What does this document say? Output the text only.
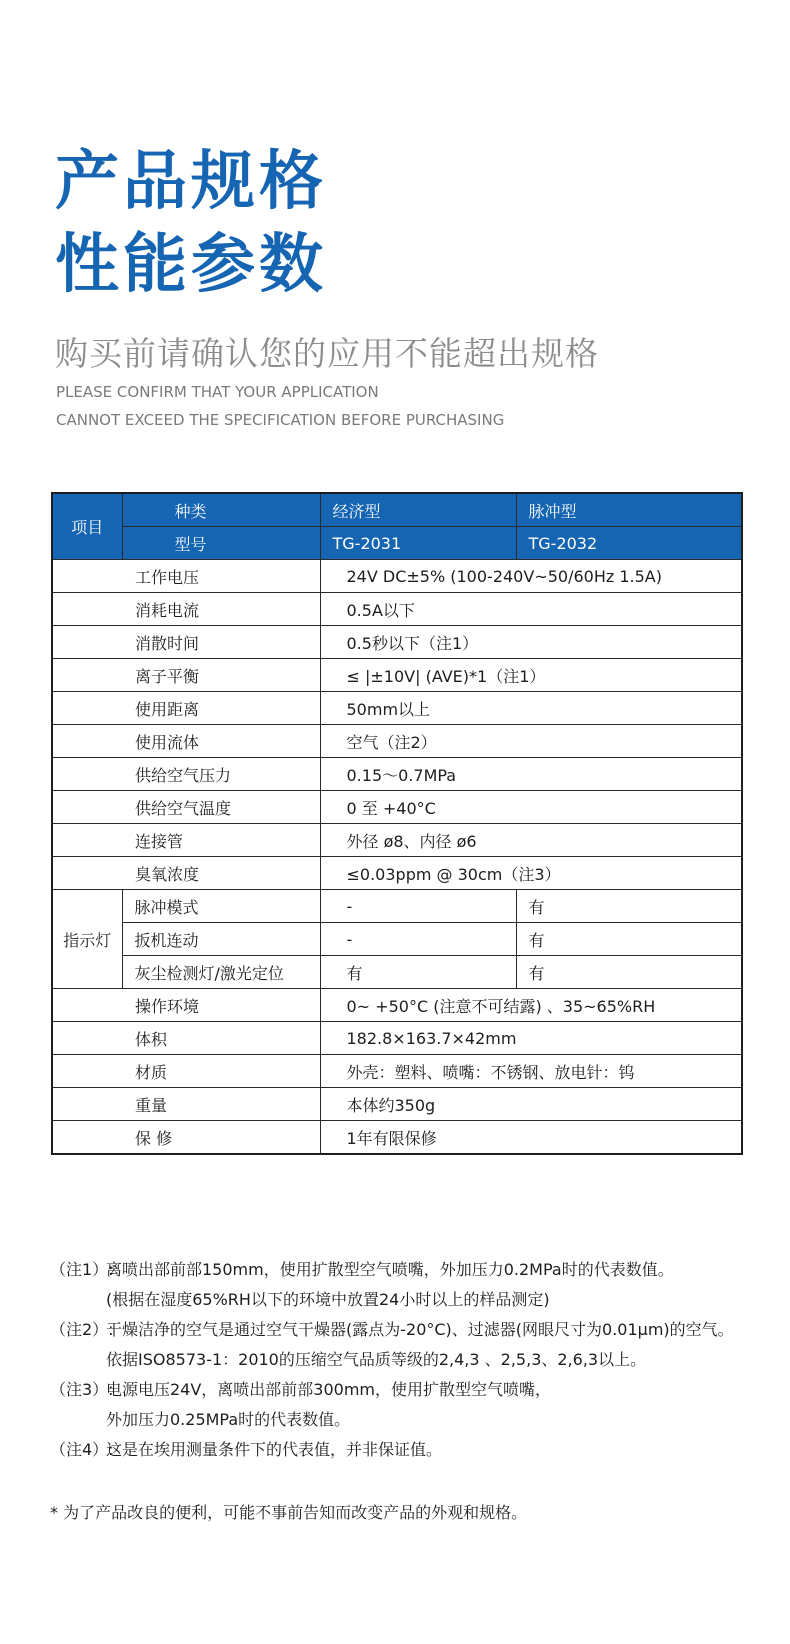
产品规格
性能参数
购买前请确认您的应用不能超出规格
PLEASE CONFIRM THAT YOUR APPLICATION
CANNOT EXCEED THE SPECIFICATION BEFORE PURCHASING
项目	种类	经济型	脉冲型
	型号	TG-2031	TG-2032
工作电压		24V DC±5% (100-240V~50/60Hz 1.5A)	
消耗电流		0.5A以下	
消散时间		0.5秒以下（注1）	
离子平衡		≤ |±10V| (AVE)*1（注1）	
使用距离		50mm以上	
使用流体		空气（注2）	
供给空气压力		0.15～0.7MPa	
供给空气温度		0 至 +40°C	
连接管		外径 ø8、内径 ø6	
臭氧浓度		≤0.03ppm @ 30cm（注3）	
指示灯	脉冲模式	-	有
	扳机连动	-	有
	灰尘检测灯/激光定位	有	有
操作环境		0~ +50°C (注意不可结露) 、35~65%RH	
体积		182.8×163.7×42mm	
材质		外壳：塑料、喷嘴：不锈钢、放电针：钨	
重量		本体约350g	
保 修		1年有限保修	
（注1）:
离喷出部前部150mm，使用扩散型空气喷嘴，外加压力0.2MPa时的代表数值。
(根据在湿度65%RH以下的环境中放置24小时以上的样品测定)
（注2）:
干燥洁净的空气是通过空气干燥器(露点为-20°C)、过滤器(网眼尺寸为0.01μm)的空气。
依据ISO8573-1：2010的压缩空气品质等级的2,4,3 、2,5,3、2,6,3以上。
（注3）:
电源电压24V，离喷出部前部300mm，使用扩散型空气喷嘴，
外加压力0.25MPa时的代表数值。
（注4）:
这是在埃用测量条件下的代表值，并非保证值。
* 为了产品改良的便利，可能不事前告知而改变产品的外观和规格。
